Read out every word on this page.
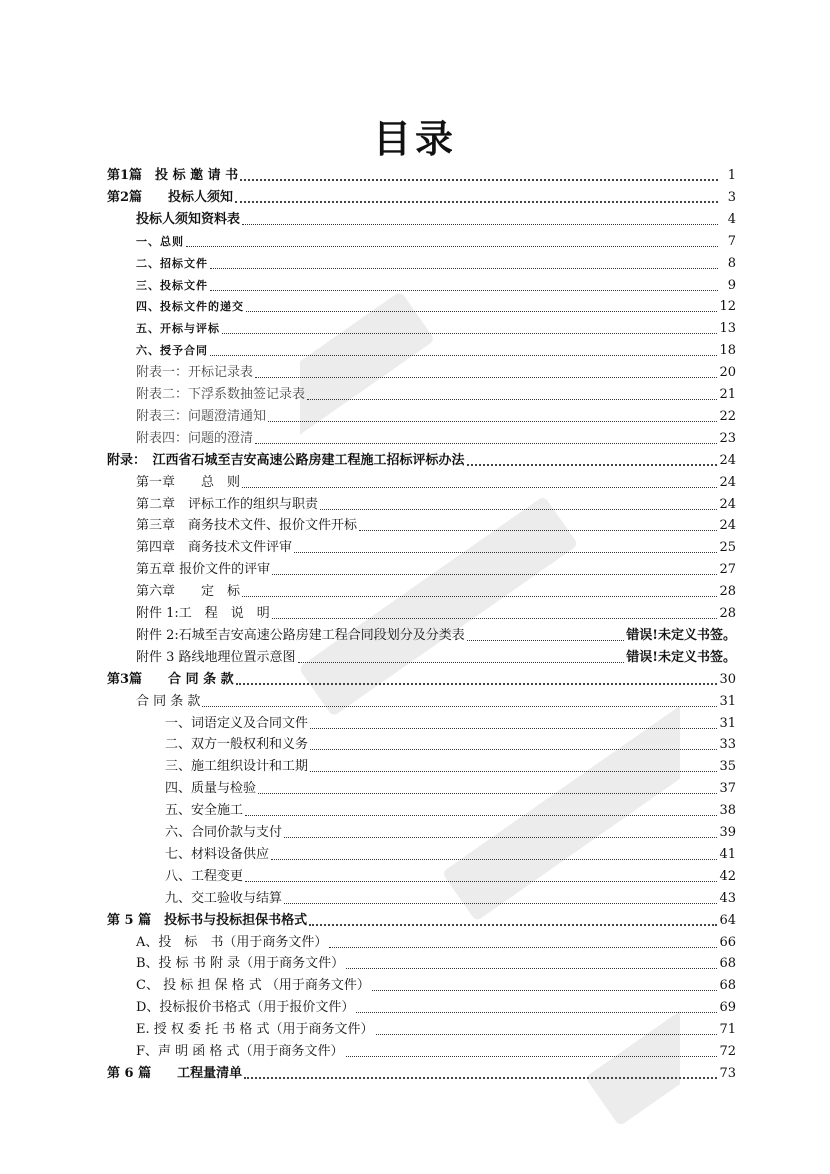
目录
第1篇　投 标 邀 请 书	1
第2篇　　投标人须知	3
投标人须知资料表	4
一、总则	7
二、招标文件	8
三、投标文件	9
四、投标文件的递交	12
五、开标与评标	13
六、授予合同	18
附表一：开标记录表	20
附表二：下浮系数抽签记录表	21
附表三：问题澄清通知	22
附表四：问题的澄清	23
附录：　江西省石城至吉安高速公路房建工程施工招标评标办法	24
第一章　　总　则	24
第二章　评标工作的组织与职责	24
第三章　商务技术文件、报价文件开标	24
第四章　商务技术文件评审	25
第五章 报价文件的评审	27
第六章　　定　标	28
附件 1:工　程　说　明	28
附件 2:石城至吉安高速公路房建工程合同段划分及分类表	错误!未定义书签。
附件 3 路线地理位置示意图	错误!未定义书签。
第3篇　　合 同 条 款	30
合 同 条 款	31
一、词语定义及合同文件	31
二、双方一般权利和义务	33
三、施工组织设计和工期	35
四、质量与检验	37
五、安全施工	38
六、合同价款与支付	39
七、材料设备供应	41
八、工程变更	42
九、交工验收与结算	43
第 5 篇　投标书与投标担保书格式	64
A、投　标　书（用于商务文件）	66
B、投 标 书 附 录（用于商务文件）	68
C、 投 标 担 保 格 式 （用于商务文件）	68
D、投标报价书格式（用于报价文件）	69
E. 授 权 委 托 书 格 式（用于商务文件）	71
F、声 明 函 格 式（用于商务文件）	72
第 6 篇　　工程量清单	73
